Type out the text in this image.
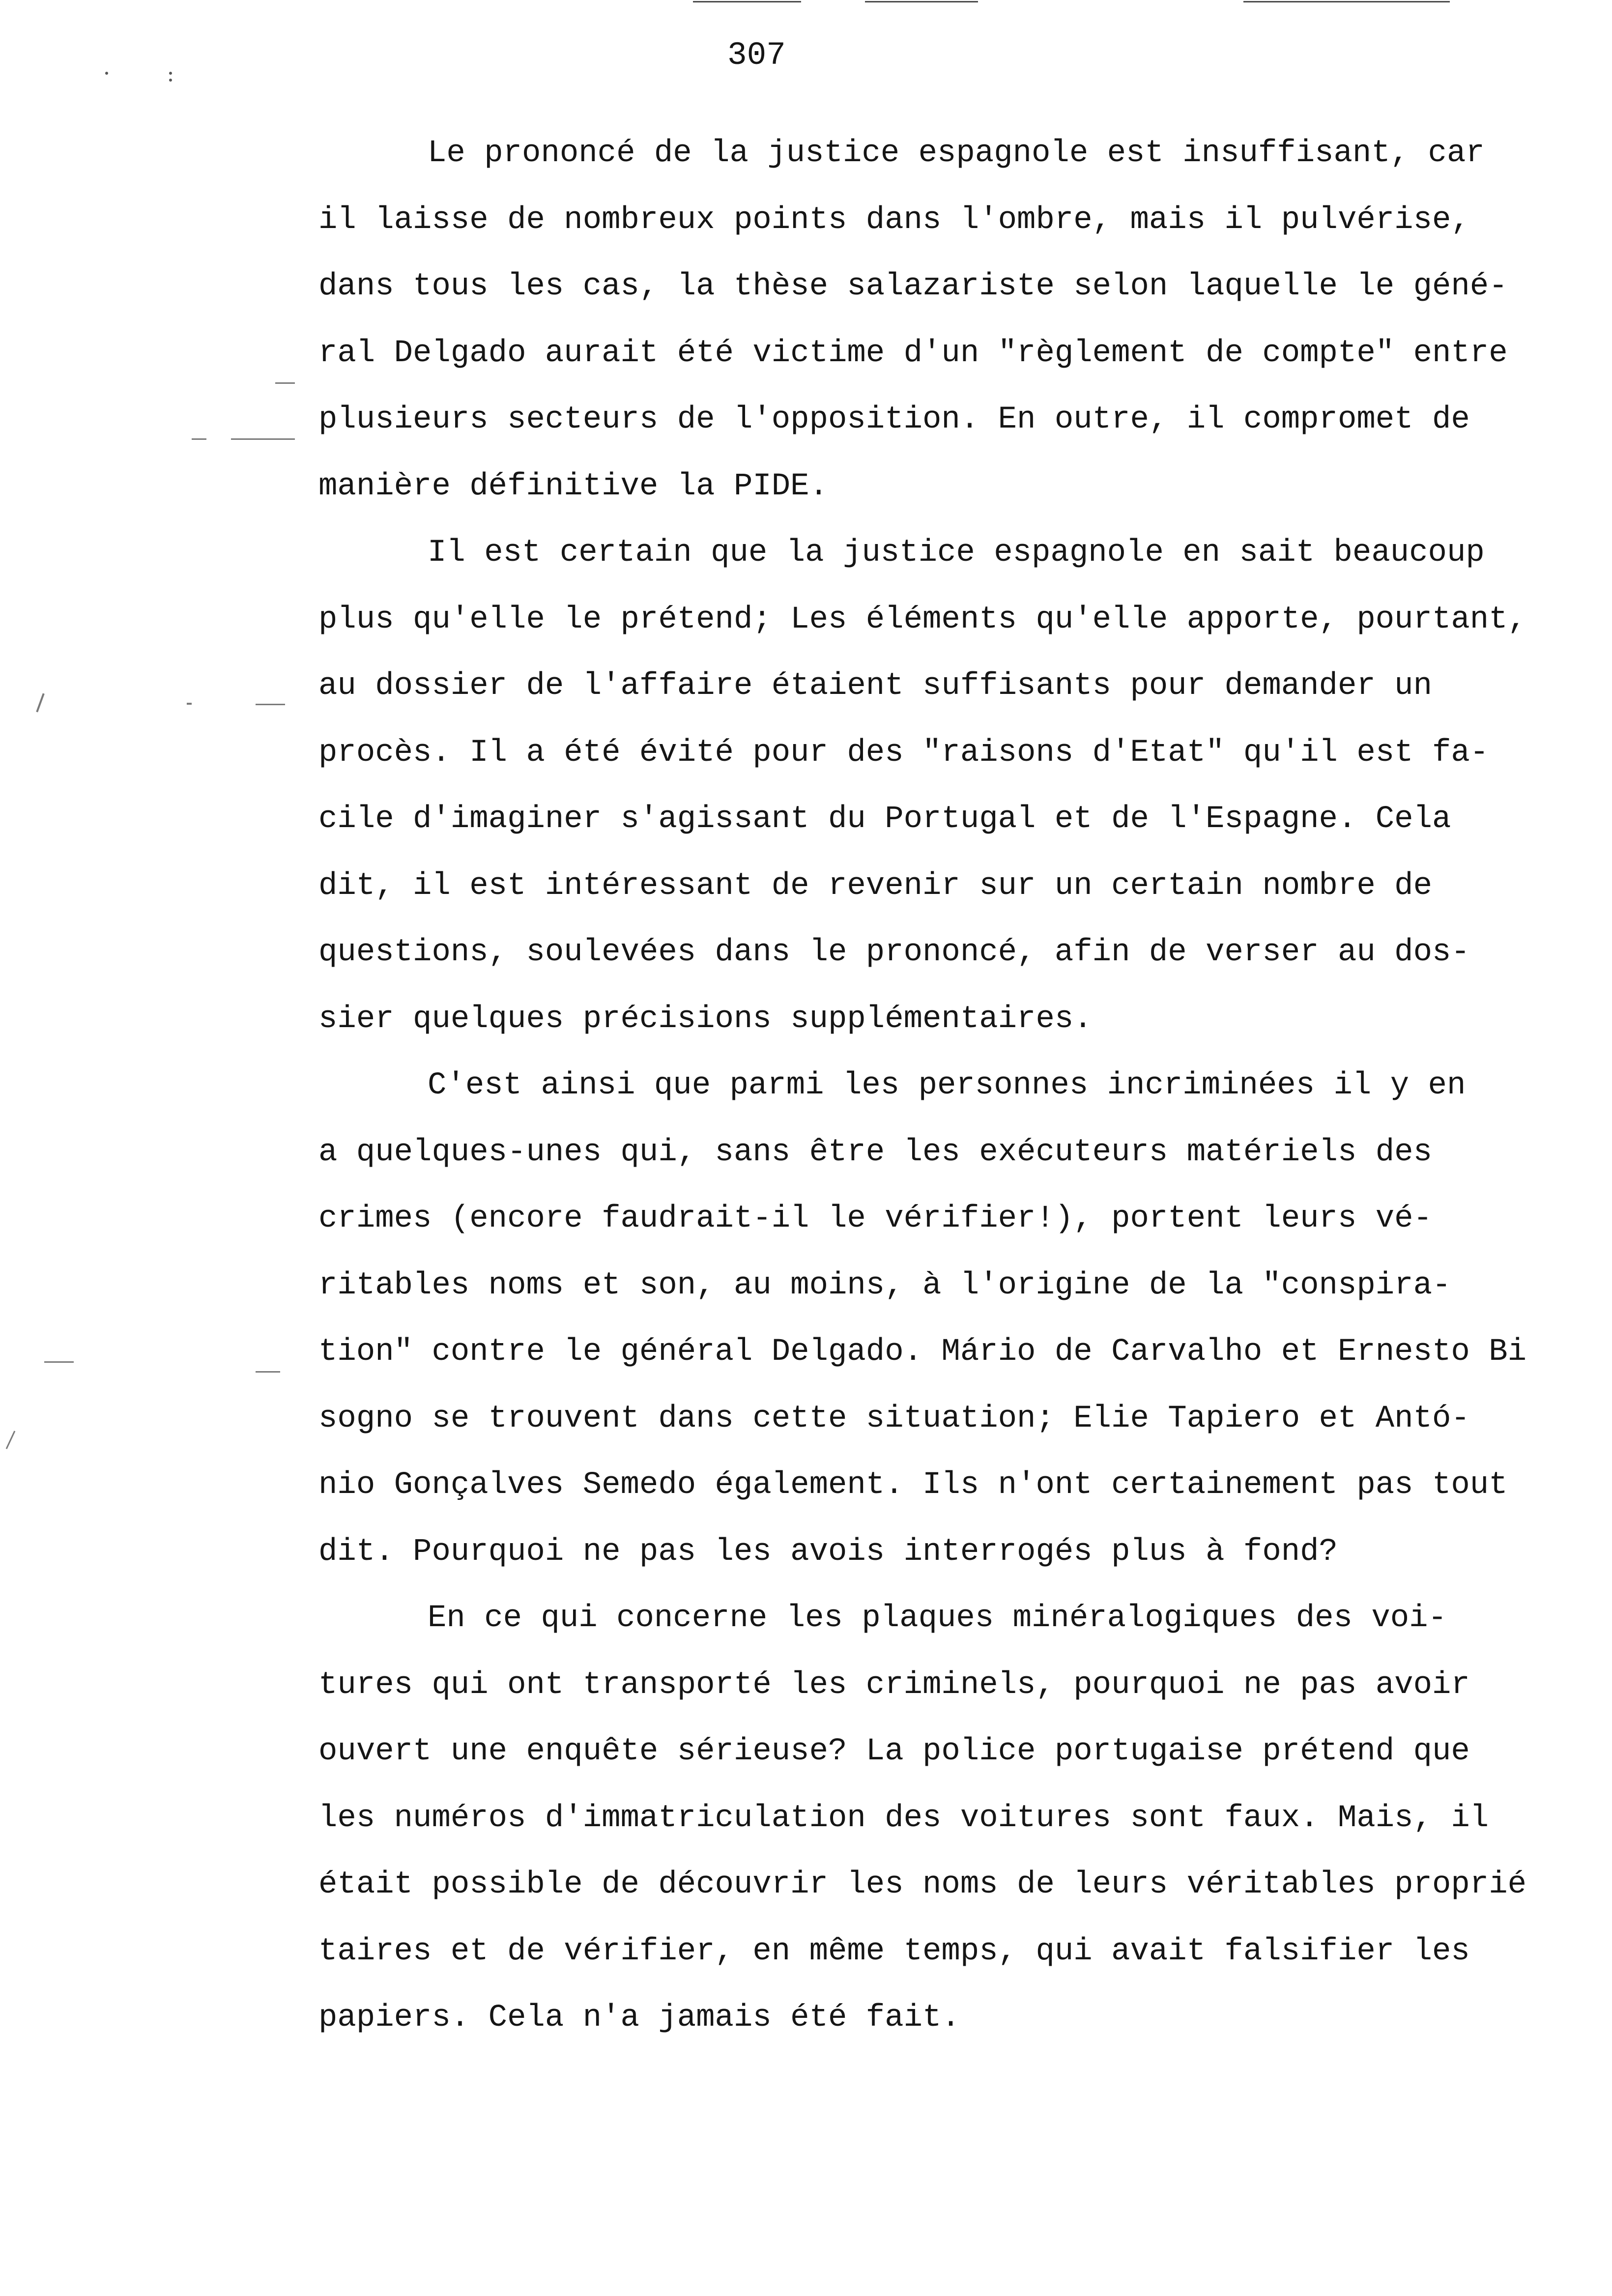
307

Le prononcé de la justice espagnole est insuffisant, car

il laisse de nombreux points dans l'ombre, mais il pulvérise,

dans tous les cas, la thèse salazariste selon laquelle le géné-

ral Delgado aurait été victime d'un "règlement de compte" entre

plusieurs secteurs de l'opposition. En outre, il compromet de

manière définitive la PIDE.

Il est certain que la justice espagnole en sait beaucoup

plus qu'elle le prétend; Les éléments qu'elle apporte, pourtant,

au dossier de l'affaire étaient suffisants pour demander un

procès. Il a été évité pour des "raisons d'Etat" qu'il est fa-

cile d'imaginer s'agissant du Portugal et de l'Espagne. Cela

dit, il est intéressant de revenir sur un certain nombre de

questions, soulevées dans le prononcé, afin de verser au dos-

sier quelques précisions supplémentaires.

C'est ainsi que parmi les personnes incriminées il y en

a quelques-unes qui, sans être les exécuteurs matériels des

crimes (encore faudrait-il le vérifier!), portent leurs vé-

ritables noms et son, au moins, à l'origine de la "conspira-

tion" contre le général Delgado. Mário de Carvalho et Ernesto Bi

sogno se trouvent dans cette situation; Elie Tapiero et Antó-

nio Gonçalves Semedo également. Ils n'ont certainement pas tout

dit. Pourquoi ne pas les avois interrogés plus à fond?

En ce qui concerne les plaques minéralogiques des voi-

tures qui ont transporté les criminels, pourquoi ne pas avoir

ouvert une enquête sérieuse? La police portugaise prétend que

les numéros d'immatriculation des voitures sont faux. Mais, il

était possible de découvrir les noms de leurs véritables proprié

taires et de vérifier, en même temps, qui avait falsifier les

papiers. Cela n'a jamais été fait.
